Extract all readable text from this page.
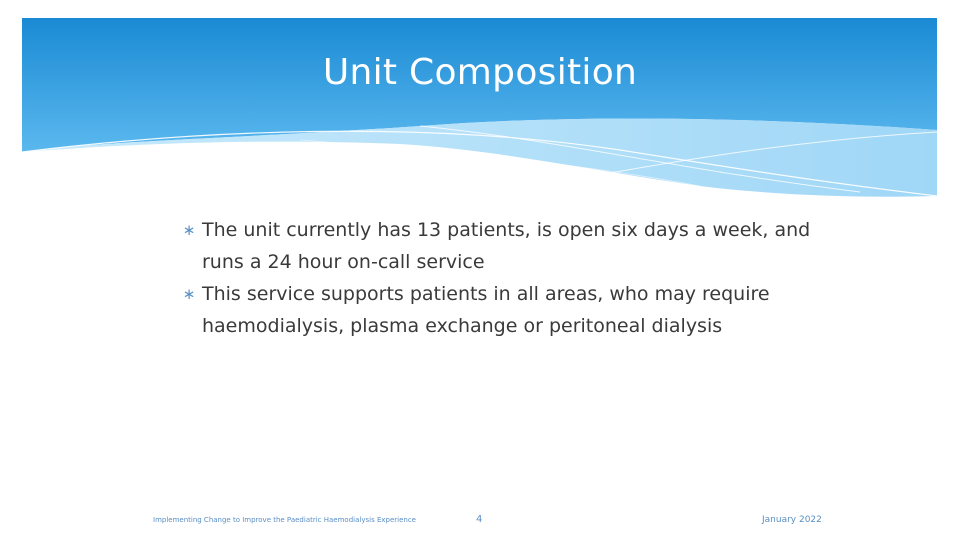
Unit Composition
∗ The unit currently has 13 patients, is open six days a week, and runs a 24 hour on-call service
∗ This service supports patients in all areas, who may require haemodialysis, plasma exchange or peritoneal dialysis
Implementing Change to Improve the Paediatric Haemodialysis Experience	4	January 2022
